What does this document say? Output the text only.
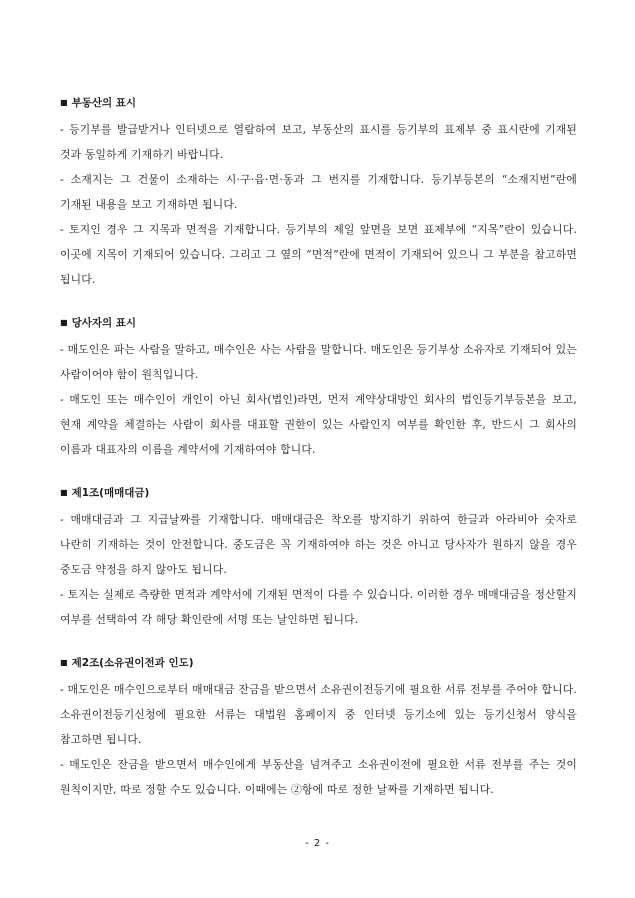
■ 부동산의 표시

- 등기부를 발급받거나 인터넷으로 열람하여 보고, 부동산의 표시를 등기부의 표제부 중 표시란에 기재된 것과 동일하게 기재하기 바랍니다.

- 소재지는 그 건물이 소재하는 시·구·읍·면·동과 그 번지를 기재합니다. 등기부등본의 “소재지번”란에 기재된 내용을 보고 기재하면 됩니다.

- 토지인 경우 그 지목과 면적을 기재합니다. 등기부의 제일 앞면을 보면 표제부에 “지목”란이 있습니다. 이곳에 지목이 기재되어 있습니다. 그리고 그 옆의 “면적”란에 면적이 기재되어 있으니 그 부분을 참고하면 됩니다.

■ 당사자의 표시

- 매도인은 파는 사람을 말하고, 매수인은 사는 사람을 말합니다. 매도인은 등기부상 소유자로 기재되어 있는 사람이어야 함이 원칙입니다.

- 매도인 또는 매수인이 개인이 아닌 회사(법인)라면, 먼저 계약상대방인 회사의 법인등기부등본을 보고, 현재 계약을 체결하는 사람이 회사를 대표할 권한이 있는 사람인지 여부를 확인한 후, 반드시 그 회사의 이름과 대표자의 이름을 계약서에 기재하여야 합니다.

■ 제1조(매매대금)

- 매매대금과 그 지급날짜를 기재합니다. 매매대금은 착오를 방지하기 위하여 한글과 아라비아 숫자로 나란히 기재하는 것이 안전합니다. 중도금은 꼭 기재하여야 하는 것은 아니고 당사자가 원하지 않을 경우 중도금 약정을 하지 않아도 됩니다.

- 토지는 실제로 측량한 면적과 계약서에 기재된 면적이 다를 수 있습니다. 이러한 경우 매매대금을 정산할지 여부를 선택하여 각 해당 확인란에 서명 또는 날인하면 됩니다.

■ 제2조(소유권이전과 인도)

- 매도인은 매수인으로부터 매매대금 잔금을 받으면서 소유권이전등기에 필요한 서류 전부를 주어야 합니다. 소유권이전등기신청에 필요한 서류는 대법원 홈페이지 중 인터넷 등기소에 있는 등기신청서 양식을 참고하면 됩니다.

- 매도인은 잔금을 받으면서 매수인에게 부동산을 넘겨주고 소유권이전에 필요한 서류 전부를 주는 것이 원칙이지만, 따로 정할 수도 있습니다. 이때에는 ②항에 따로 정한 날짜를 기재하면 됩니다.

- 2 -
